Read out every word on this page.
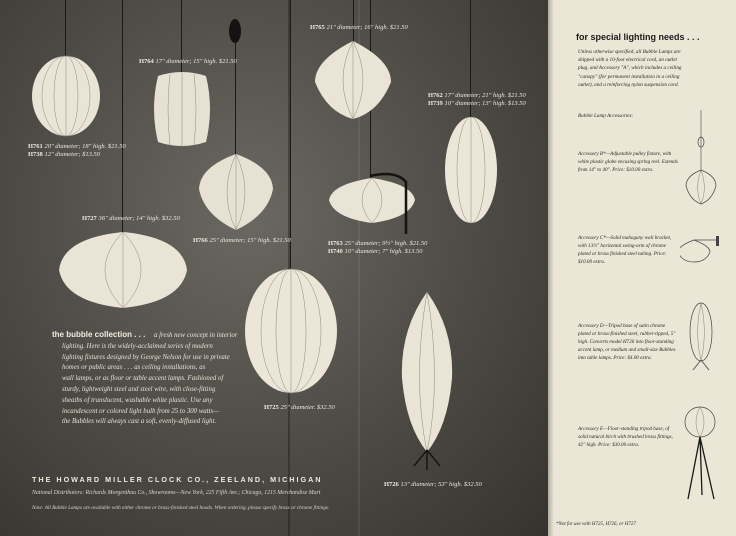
H761 20" diameter; 18" high. $21.50
H738 12" diameter; $13.50
H764 17" diameter; 15" high. $21.50
H765 21" diameter; 16" high. $21.50
H762 17" diameter; 21" high. $21.50
H739 10" diameter; 13" high. $13.50
H766 25" diameter; 15" high. $21.50
H727 36" diameter; 14" high. $32.50
H763 25" diameter; 9½" high. $21.50
H740 10" diameter; 7" high. $13.50
H725 25" diameter. $32.50
H726 13" diameter; 53" high. $32.50
the bubble collection . . .	a fresh new concept in interior
lighting. Here is the widely-acclaimed series of modern
lighting fixtures designed by George Nelson for use in private
homes or public areas . . . as ceiling installations, as
wall lamps, or as floor or table accent lamps. Fashioned of
sturdy, lightweight steel and steel wire, with close-fitting
sheaths of translucent, washable white plastic. Use any
incandescent or colored light bulb from 25 to 300 watts—
the Bubbles will always cast a soft, evenly-diffused light.
THE HOWARD MILLER CLOCK CO., ZEELAND, MICHIGAN
National Distributors: Richards Morgenthau Co., Showrooms—New York, 225 Fifth Ave.; Chicago, 1215 Merchandise Mart
Note: All Bubble Lamps are available with either chrome or brass-finished steel hoods. When ordering, please specify brass or chrome fittings.
for special lighting needs . . .
Unless otherwise specified, all Bubble Lamps are shipped with a 10-foot electrical cord, an outlet plug, and Accessory "A", which includes a ceiling "canopy" (for permanent installation in a ceiling outlet), and a reinforcing nylon suspension cord.
Bubble Lamp Accessories:
Accessory B*—Adjustable pulley fixture, with white plastic globe encasing spring reel. Extends from 14" to 40". Price: $10.00 extra.
Accessory C*—Solid mahogany wall bracket, with 13½" horizontal swing-arm of chrome plated or brass finished steel tubing. Price: $10.00 extra.
Accessory D—Tripod base of satin chrome plated or brass-finished steel, rubber-tipped, 5" high. Converts model H726 into floor-standing accent lamp, or medium and small-size Bubbles into table lamps. Price: $4.00 extra.
Accessory E—Floor-standing tripod base, of solid natural birch with brushed brass fittings, 42" high. Price: $30.00 extra.
*Not for use with H725, H726, or H727
